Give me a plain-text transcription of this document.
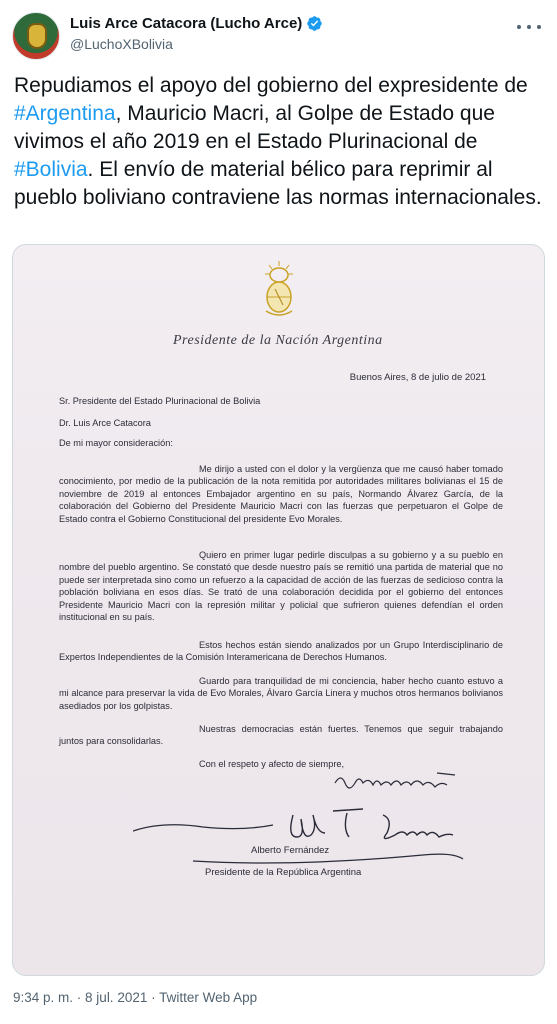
Luis Arce Catacora (Lucho Arce)
@LuchoXBolivia
Repudiamos el apoyo del gobierno del expresidente de #Argentina, Mauricio Macri, al Golpe de Estado que vivimos el año 2019 en el Estado Plurinacional de #Bolivia. El envío de material bélico para reprimir al pueblo boliviano contraviene las normas internacionales.
Presidente de la Nación Argentina
Buenos Aires, 8 de julio de 2021
Sr. Presidente del Estado Plurinacional de Bolivia
Dr. Luis Arce Catacora
De mi mayor consideración:
Me dirijo a usted con el dolor y la vergüenza que me causó haber tomado conocimiento, por medio de la publicación de la nota remitida por autoridades militares bolivianas el 15 de noviembre de 2019 al entonces Embajador argentino en su país, Normando Álvarez García, de la colaboración del Gobierno del Presidente Mauricio Macri con las fuerzas que perpetuaron el Golpe de Estado contra el Gobierno Constitucional del presidente Evo Morales.
Quiero en primer lugar pedirle disculpas a su gobierno y a su pueblo en nombre del pueblo argentino. Se constató que desde nuestro país se remitió una partida de material que no puede ser interpretada sino como un refuerzo a la capacidad de acción de las fuerzas de sedicioso contra la población boliviana en esos días. Se trató de una colaboración decidida por el gobierno del entonces Presidente Mauricio Macri con la represión militar y policial que sufrieron quienes defendían el orden institucional en su país.
Estos hechos están siendo analizados por un Grupo Interdisciplinario de Expertos Independientes de la Comisión Interamericana de Derechos Humanos.
Guardo para tranquilidad de mi conciencia, haber hecho cuanto estuvo a mi alcance para preservar la vida de Evo Morales, Álvaro García Linera y muchos otros hermanos bolivianos asediados por los golpistas.
Nuestras democracias están fuertes. Tenemos que seguir trabajando juntos para consolidarlas.
Con el respeto y afecto de siempre,
Alberto Fernández
Presidente de la República Argentina
9:34 p. m. · 8 jul. 2021 · Twitter Web App
